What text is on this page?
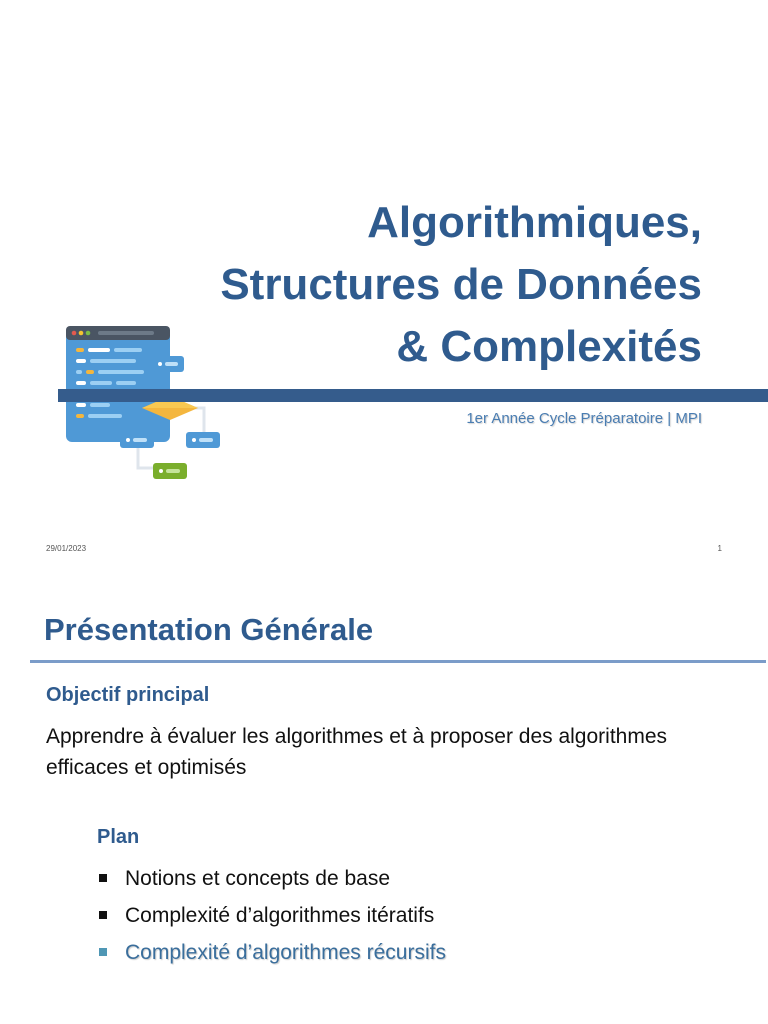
Algorithmiques,
Structures de Données
& Complexités
1er Année Cycle Préparatoire | MPI
29/01/2023	1
Présentation Générale
Objectif principal
Apprendre à évaluer les algorithmes et à proposer des algorithmes efficaces et optimisés
Plan
Notions et concepts de base
Complexité d’algorithmes itératifs
Complexité d’algorithmes récursifs
